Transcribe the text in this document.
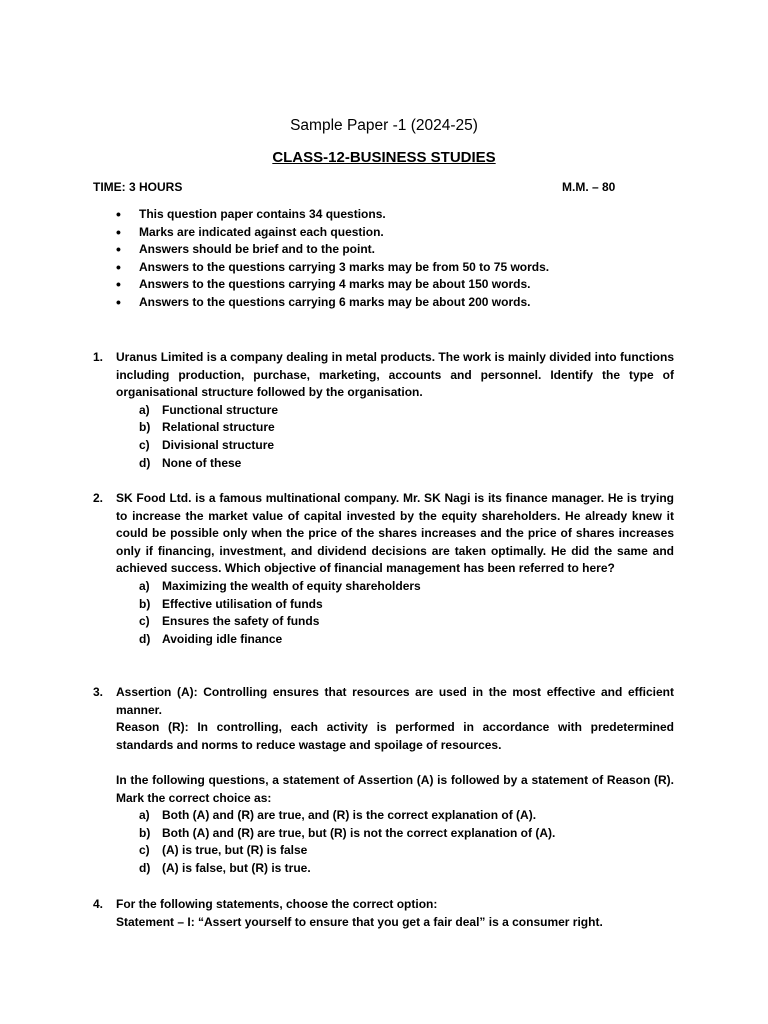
Sample Paper -1 (2024-25)
CLASS-12-BUSINESS STUDIES
TIME: 3 HOURS	M.M. – 80
• This question paper contains 34 questions.
• Marks are indicated against each question.
• Answers should be brief and to the point.
• Answers to the questions carrying 3 marks may be from 50 to 75 words.
• Answers to the questions carrying 4 marks may be about 150 words.
• Answers to the questions carrying 6 marks may be about 200 words.
1.	Uranus Limited is a company dealing in metal products. The work is mainly divided into functions including production, purchase, marketing, accounts and personnel. Identify the type of organisational structure followed by the organisation.

a) Functional structure
b) Relational structure
c) Divisional structure
d) None of these
2.	SK Food Ltd. is a famous multinational company. Mr. SK Nagi is its finance manager. He is trying to increase the market value of capital invested by the equity shareholders. He already knew it could be possible only when the price of the shares increases and the price of shares increases only if financing, investment, and dividend decisions are taken optimally. He did the same and achieved success. Which objective of financial management has been referred to here?

a) Maximizing the wealth of equity shareholders
b) Effective utilisation of funds
c) Ensures the safety of funds
d) Avoiding idle finance
3.	Assertion (A): Controlling ensures that resources are used in the most effective and efficient manner.

Reason (R): In controlling, each activity is performed in accordance with predetermined standards and norms to reduce wastage and spoilage of resources.

In the following questions, a statement of Assertion (A) is followed by a statement of Reason (R). Mark the correct choice as:

a) Both (A) and (R) are true, and (R) is the correct explanation of (A).
b) Both (A) and (R) are true, but (R) is not the correct explanation of (A).
c) (A) is true, but (R) is false
d) (A) is false, but (R) is true.
4.	For the following statements, choose the correct option:

Statement – I: “Assert yourself to ensure that you get a fair deal” is a consumer right.
